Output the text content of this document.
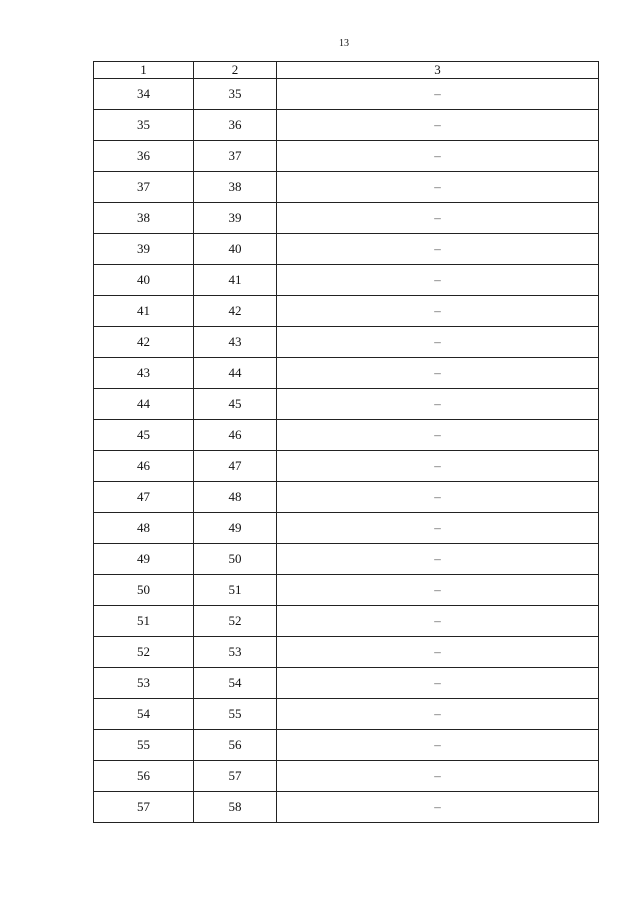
13
1	2	3
34	35	–
35	36	–
36	37	–
37	38	–
38	39	–
39	40	–
40	41	–
41	42	–
42	43	–
43	44	–
44	45	–
45	46	–
46	47	–
47	48	–
48	49	–
49	50	–
50	51	–
51	52	–
52	53	–
53	54	–
54	55	–
55	56	–
56	57	–
57	58	–
